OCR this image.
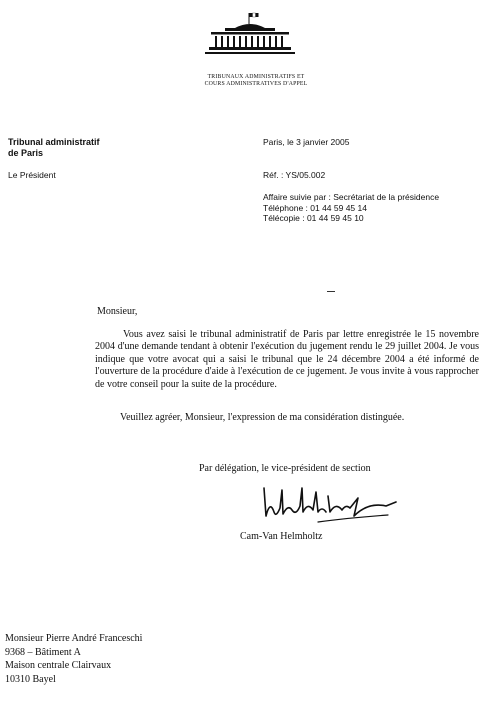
TRIBUNAUX ADMINISTRATIFS ET
COURS ADMINISTRATIVES D'APPEL
Tribunal administratif
de Paris
Le Président
Paris, le 3 janvier 2005
Réf. : YS/05.002
Affaire suivie par : Secrétariat de la présidence
Téléphone : 01 44 59 45 14
Télécopie : 01 44 59 45 10
Monsieur,
Vous avez saisi le tribunal administratif de Paris par lettre enregistrée le 15 novembre 2004 d'une demande tendant à obtenir l'exécution du jugement rendu le 29 juillet 2004. Je vous indique que votre avocat qui a saisi le tribunal que le 24 décembre 2004 a été informé de l'ouverture de la procédure d'aide à l'exécution de ce jugement. Je vous invite à vous rapprocher de votre conseil pour la suite de la procédure.
Veuillez agréer, Monsieur, l'expression de ma considération distinguée.
Par délégation, le vice-président de section
Cam-Van Helmholtz
Monsieur Pierre André Franceschi
9368 – Bâtiment A
Maison centrale Clairvaux
10310 Bayel
